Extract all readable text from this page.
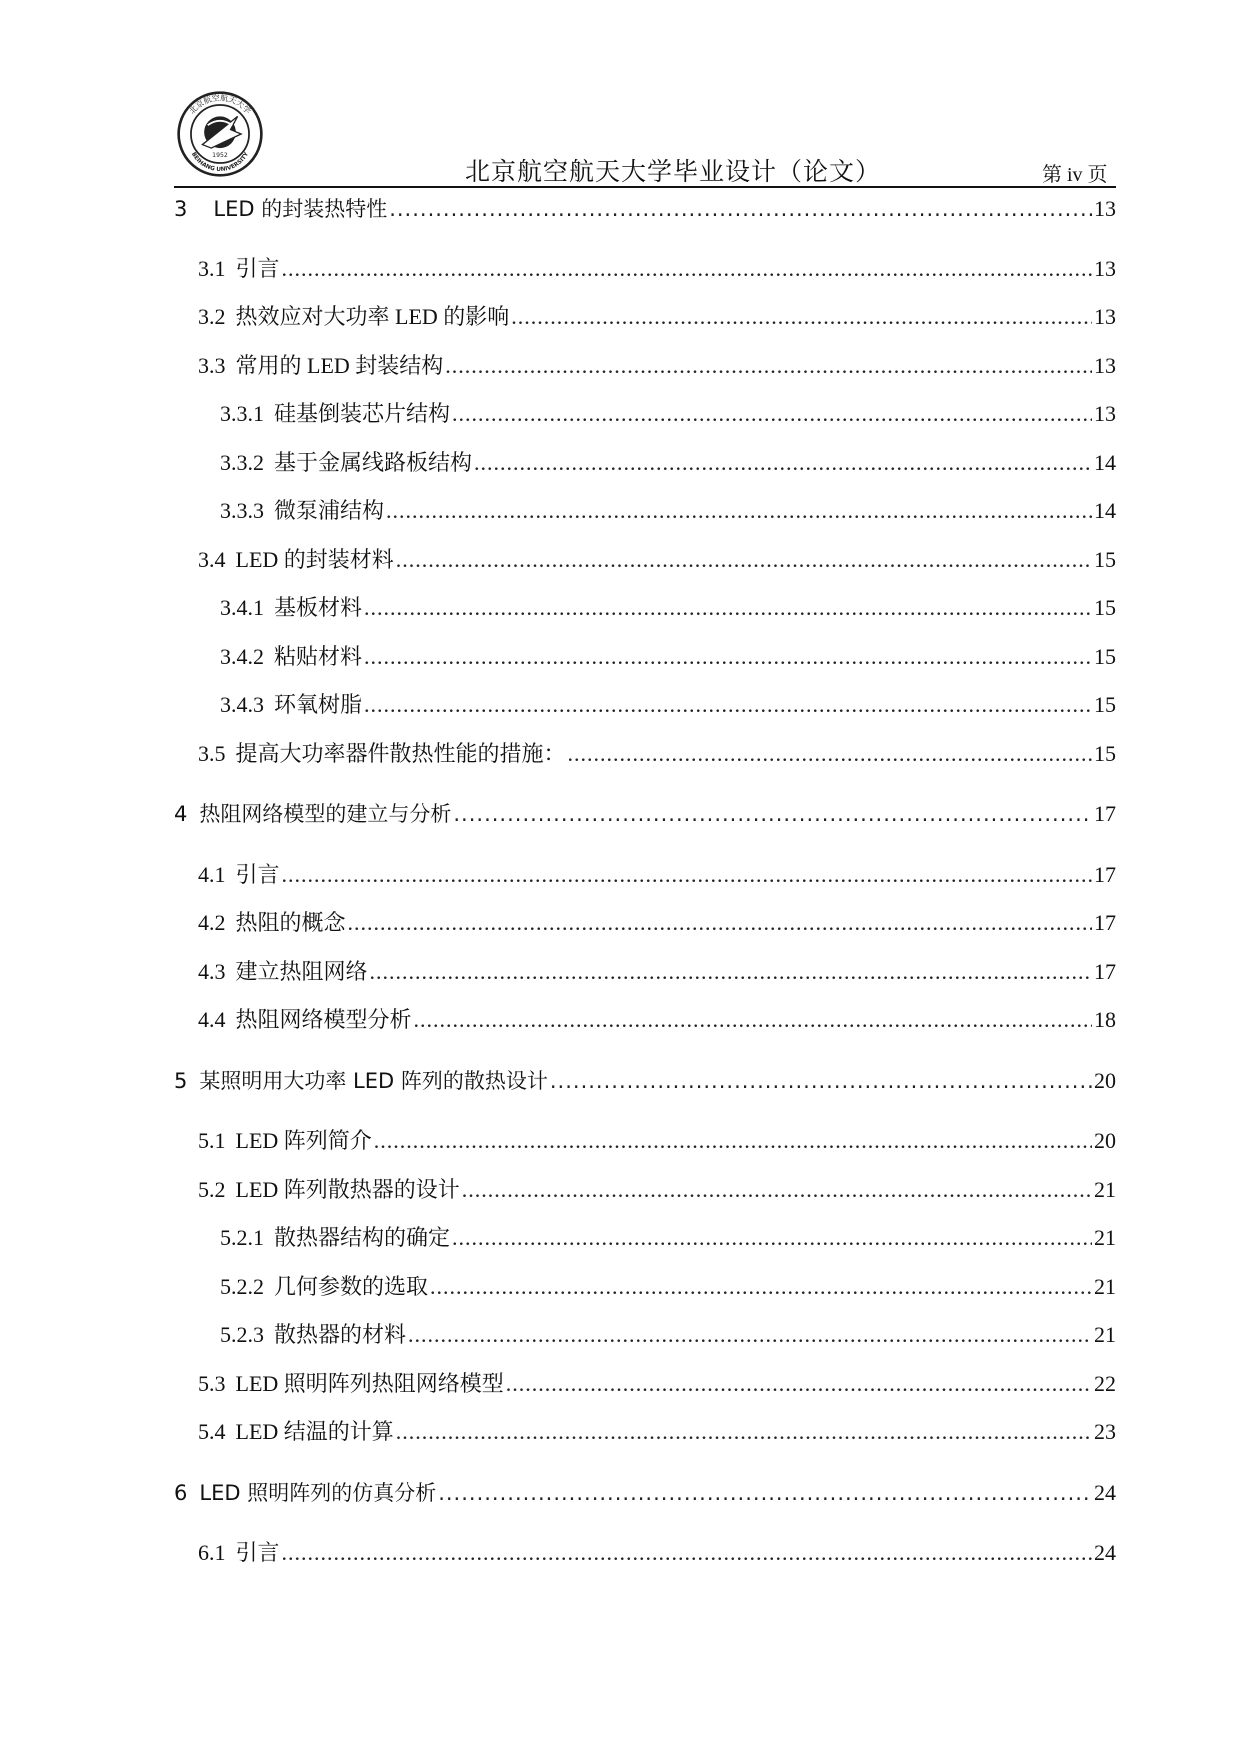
1952
北京航空航天大学
BEIHANG UNIVERSITY
北京航空航天大学毕业设计（论文）	第 iv 页
3 LED 的封装热特性 .....	13
3.1 引言 .....	13
3.2 热效应对大功率 LED 的影响 .....	13
3.3 常用的 LED 封装结构 .....	13
3.3.1 硅基倒装芯片结构 .....	13
3.3.2 基于金属线路板结构 .....	14
3.3.3 微泵浦结构 .....	14
3.4 LED 的封装材料 .....	15
3.4.1 基板材料 .....	15
3.4.2 粘贴材料 .....	15
3.4.3 环氧树脂 .....	15
3.5 提高大功率器件散热性能的措施： .....	15
4 热阻网络模型的建立与分析 .....	17
4.1 引言 .....	17
4.2 热阻的概念 .....	17
4.3 建立热阻网络 .....	17
4.4 热阻网络模型分析 .....	18
5 某照明用大功率 LED 阵列的散热设计 .....	20
5.1 LED 阵列简介 .....	20
5.2 LED 阵列散热器的设计 .....	21
5.2.1 散热器结构的确定 .....	21
5.2.2 几何参数的选取 .....	21
5.2.3 散热器的材料 .....	21
5.3 LED 照明阵列热阻网络模型 .....	22
5.4 LED 结温的计算 .....	23
6 LED 照明阵列的仿真分析 .....	24
6.1 引言 .....	24
